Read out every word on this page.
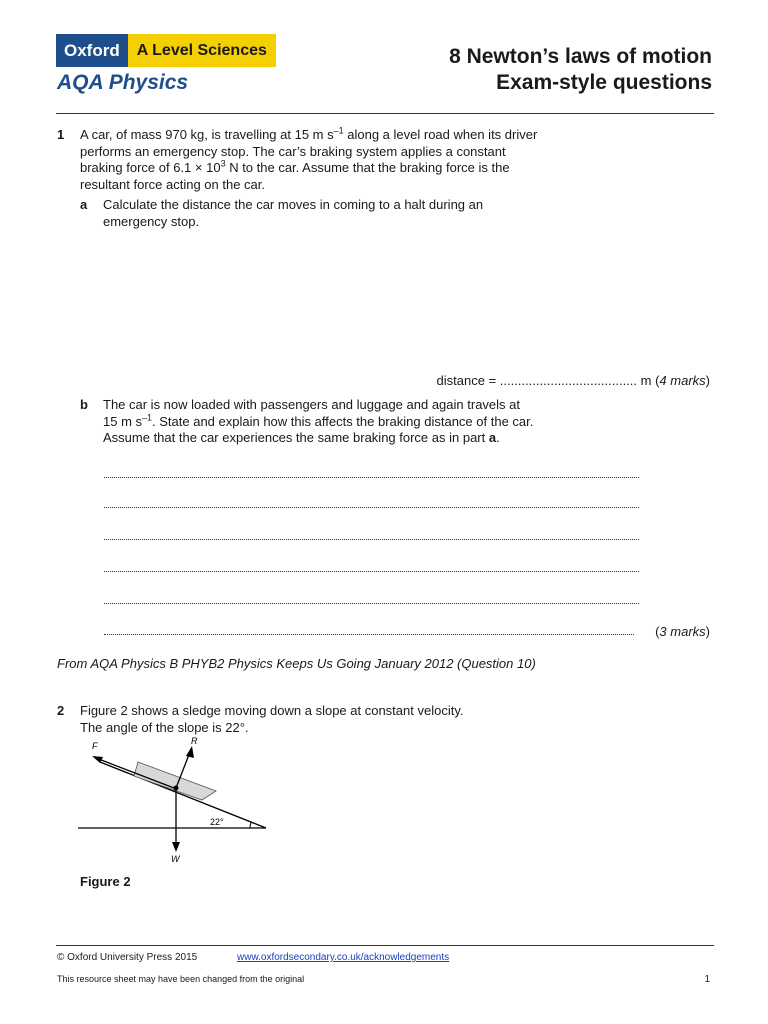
Oxford	A Level Sciences
AQA Physics
8 Newton’s laws of motion
Exam-style questions
1 A car, of mass 970 kg, is travelling at 15 m $s^{-1}$ along a level road when its driver
performs an emergency stop. The car’s braking system applies a constant
braking force of $6.1 \times 10^3$ N to the car. Assume that the braking force is the
resultant force acting on the car.
a Calculate the distance the car moves in coming to a halt during an
emergency stop.
distance = ...................................... m (4 marks)
b The car is now loaded with passengers and luggage and again travels at
15 m $s^{-1}$. State and explain how this affects the braking distance of the car.
Assume that the car experiences the same braking force as in part a.
(3 marks)
From AQA Physics B PHYB2 Physics Keeps Us Going January 2012 (Question 10)
2 Figure 2 shows a sledge moving down a slope at constant velocity.
The angle of the slope is 22°.
22°
F	R
W
Figure 2
© Oxford University Press 2015	www.oxfordsecondary.co.uk/acknowledgements
This resource sheet may have been changed from the original	1
